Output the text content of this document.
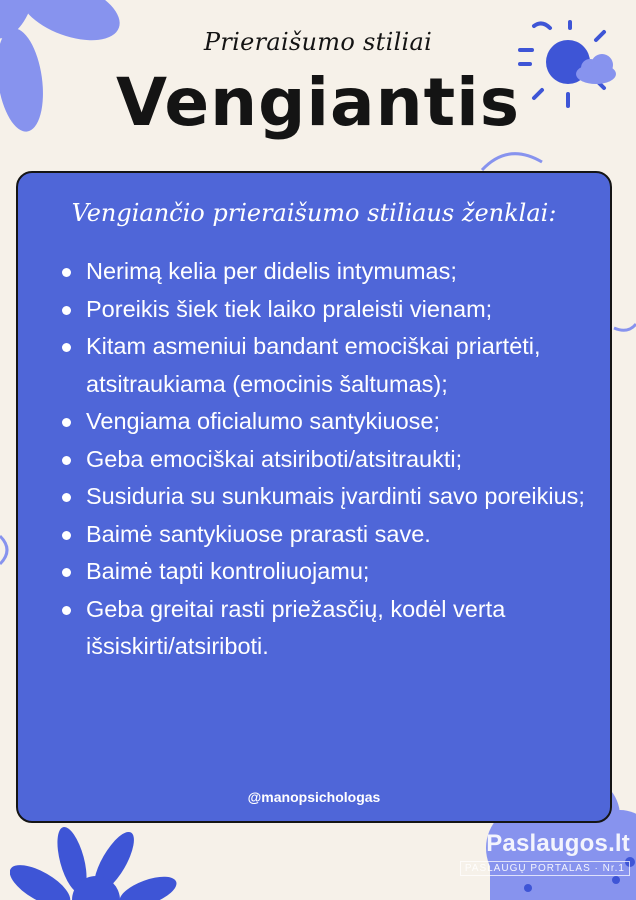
Prieraišumo stiliai
Vengiantis
Vengiančio prieraišumo stiliaus ženklai:
Nerimą kelia per didelis intymumas;
Poreikis šiek tiek laiko praleisti vienam;
Kitam asmeniui bandant emociškai priartėti, atsitraukiama (emocinis šaltumas);
Vengiama oficialumo santykiuose;
Geba emociškai atsiriboti/atsitraukti;
Susiduria su sunkumais įvardinti savo poreikius;
Baimė santykiuose prarasti save.
Baimė tapti kontroliuojamu;
Geba greitai rasti priežasčių, kodėl verta išsiskirti/atsiriboti.
@manopsichologas
Paslaugos.lt
PASLAUGŲ PORTALAS · Nr.1
